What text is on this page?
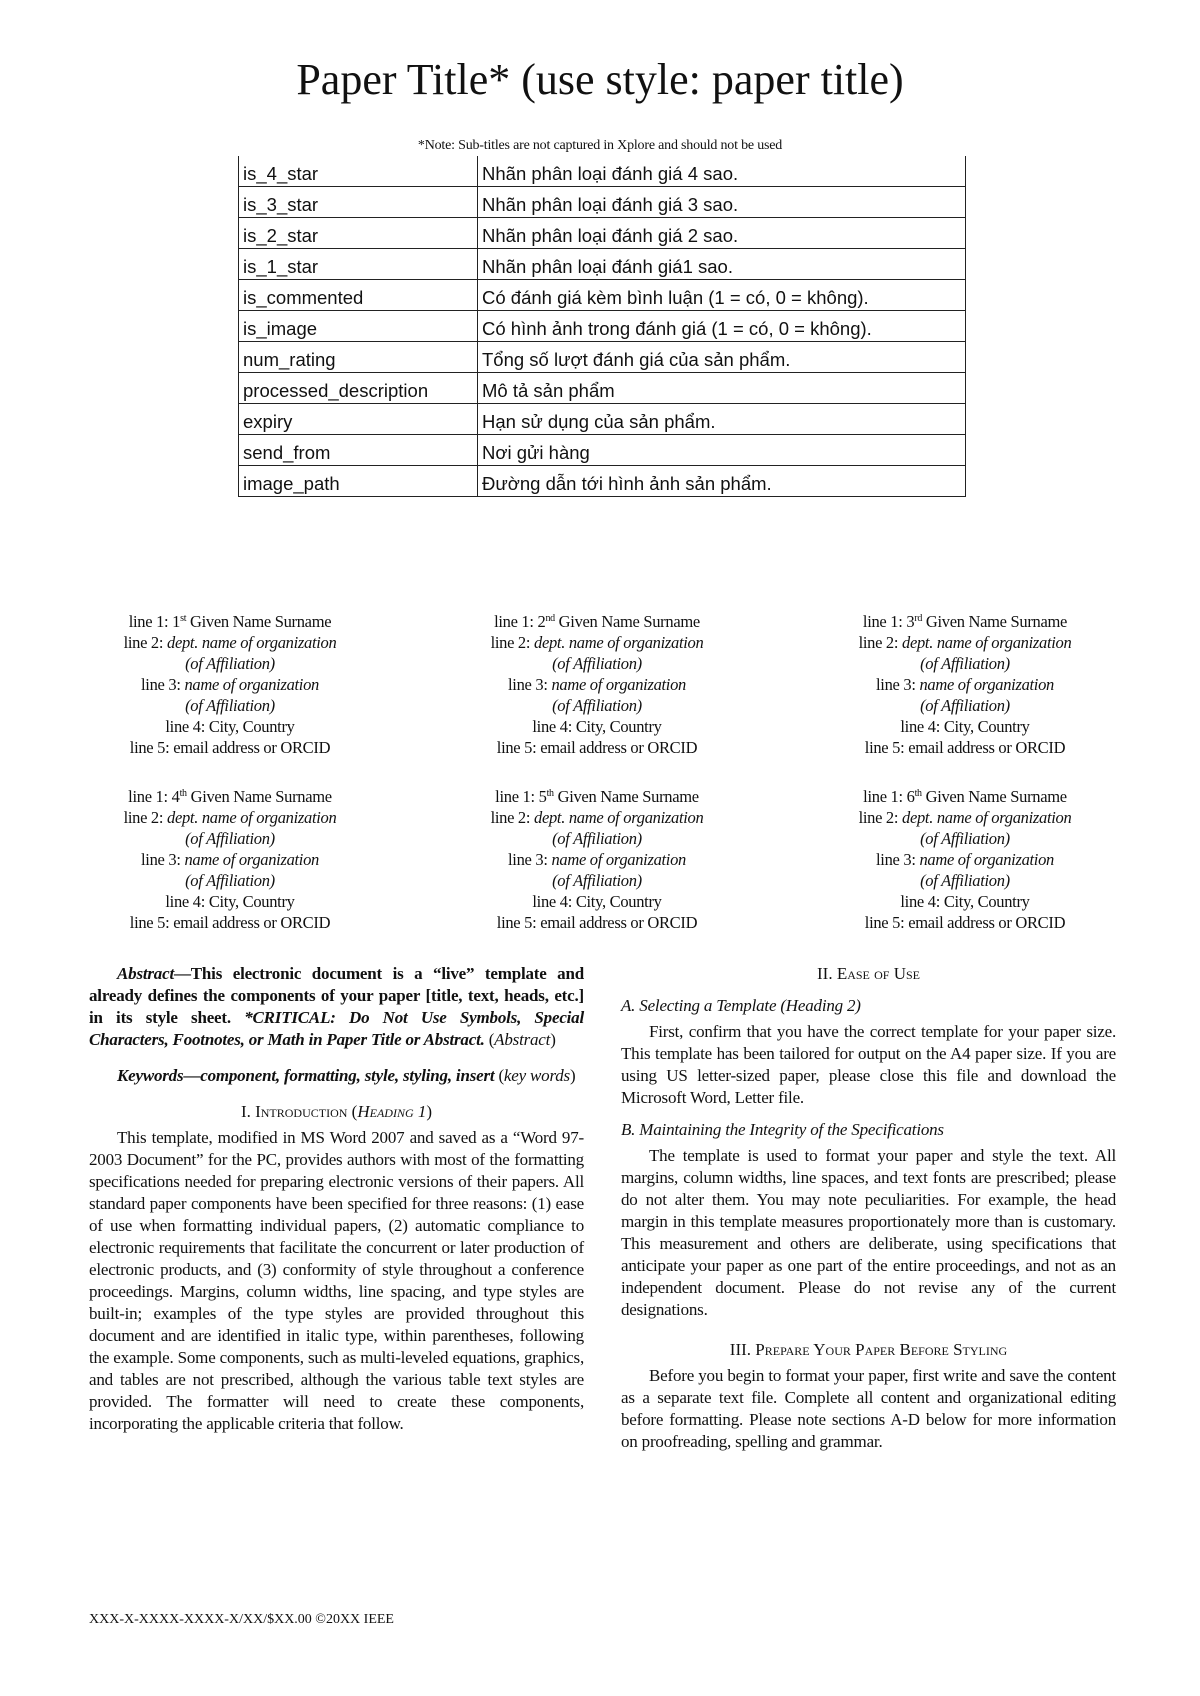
Paper Title* (use style: paper title)
*Note: Sub-titles are not captured in Xplore and should not be used
is_4_star	Nhãn phân loại đánh giá 4 sao.
is_3_star	Nhãn phân loại đánh giá 3 sao.
is_2_star	Nhãn phân loại đánh giá 2 sao.
is_1_star	Nhãn phân loại đánh giá1 sao.
is_commented	Có đánh giá kèm bình luận (1 = có, 0 = không).
is_image	Có hình ảnh trong đánh giá (1 = có, 0 = không).
num_rating	Tổng số lượt đánh giá của sản phẩm.
processed_description	Mô tả sản phẩm
expiry	Hạn sử dụng của sản phẩm.
send_from	Nơi gửi hàng
image_path	Đường dẫn tới hình ảnh sản phẩm.
line 1: 1st Given Name Surname
line 2: dept. name of organization
(of Affiliation)
line 3: name of organization
(of Affiliation)
line 4: City, Country
line 5: email address or ORCID
line 1: 2nd Given Name Surname
line 2: dept. name of organization
(of Affiliation)
line 3: name of organization
(of Affiliation)
line 4: City, Country
line 5: email address or ORCID
line 1: 3rd Given Name Surname
line 2: dept. name of organization
(of Affiliation)
line 3: name of organization
(of Affiliation)
line 4: City, Country
line 5: email address or ORCID
line 1: 4th Given Name Surname
line 2: dept. name of organization
(of Affiliation)
line 3: name of organization
(of Affiliation)
line 4: City, Country
line 5: email address or ORCID
line 1: 5th Given Name Surname
line 2: dept. name of organization
(of Affiliation)
line 3: name of organization
(of Affiliation)
line 4: City, Country
line 5: email address or ORCID
line 1: 6th Given Name Surname
line 2: dept. name of organization
(of Affiliation)
line 3: name of organization
(of Affiliation)
line 4: City, Country
line 5: email address or ORCID

Abstract—This electronic document is a “live” template and already defines the components of your paper [title, text, heads, etc.] in its style sheet. *CRITICAL: Do Not Use Symbols, Special Characters, Footnotes, or Math in Paper Title or Abstract. (Abstract)

Keywords—component, formatting, style, styling, insert (key words)

I. Introduction (Heading 1)

This template, modified in MS Word 2007 and saved as a “Word 97-2003 Document” for the PC, provides authors with most of the formatting specifications needed for preparing electronic versions of their papers. All standard paper components have been specified for three reasons: (1) ease of use when formatting individual papers, (2) automatic compliance to electronic requirements that facilitate the concurrent or later production of electronic products, and (3) conformity of style throughout a conference proceedings. Margins, column widths, line spacing, and type styles are built-in; examples of the type styles are provided throughout this document and are identified in italic type, within parentheses, following the example. Some components, such as multi-leveled equations, graphics, and tables are not prescribed, although the various table text styles are provided. The formatter will need to create these components, incorporating the applicable criteria that follow.

II. Ease of Use

A. Selecting a Template (Heading 2)

First, confirm that you have the correct template for your paper size. This template has been tailored for output on the A4 paper size. If you are using US letter-sized paper, please close this file and download the Microsoft Word, Letter file.

B. Maintaining the Integrity of the Specifications

The template is used to format your paper and style the text. All margins, column widths, line spaces, and text fonts are prescribed; please do not alter them. You may note peculiarities. For example, the head margin in this template measures proportionately more than is customary. This measurement and others are deliberate, using specifications that anticipate your paper as one part of the entire proceedings, and not as an independent document. Please do not revise any of the current designations.

III. Prepare Your Paper Before Styling

Before you begin to format your paper, first write and save the content as a separate text file. Complete all content and organizational editing before formatting. Please note sections A-D below for more information on proofreading, spelling and grammar.

XXX-X-XXXX-XXXX-X/XX/$XX.00 ©20XX IEEE
